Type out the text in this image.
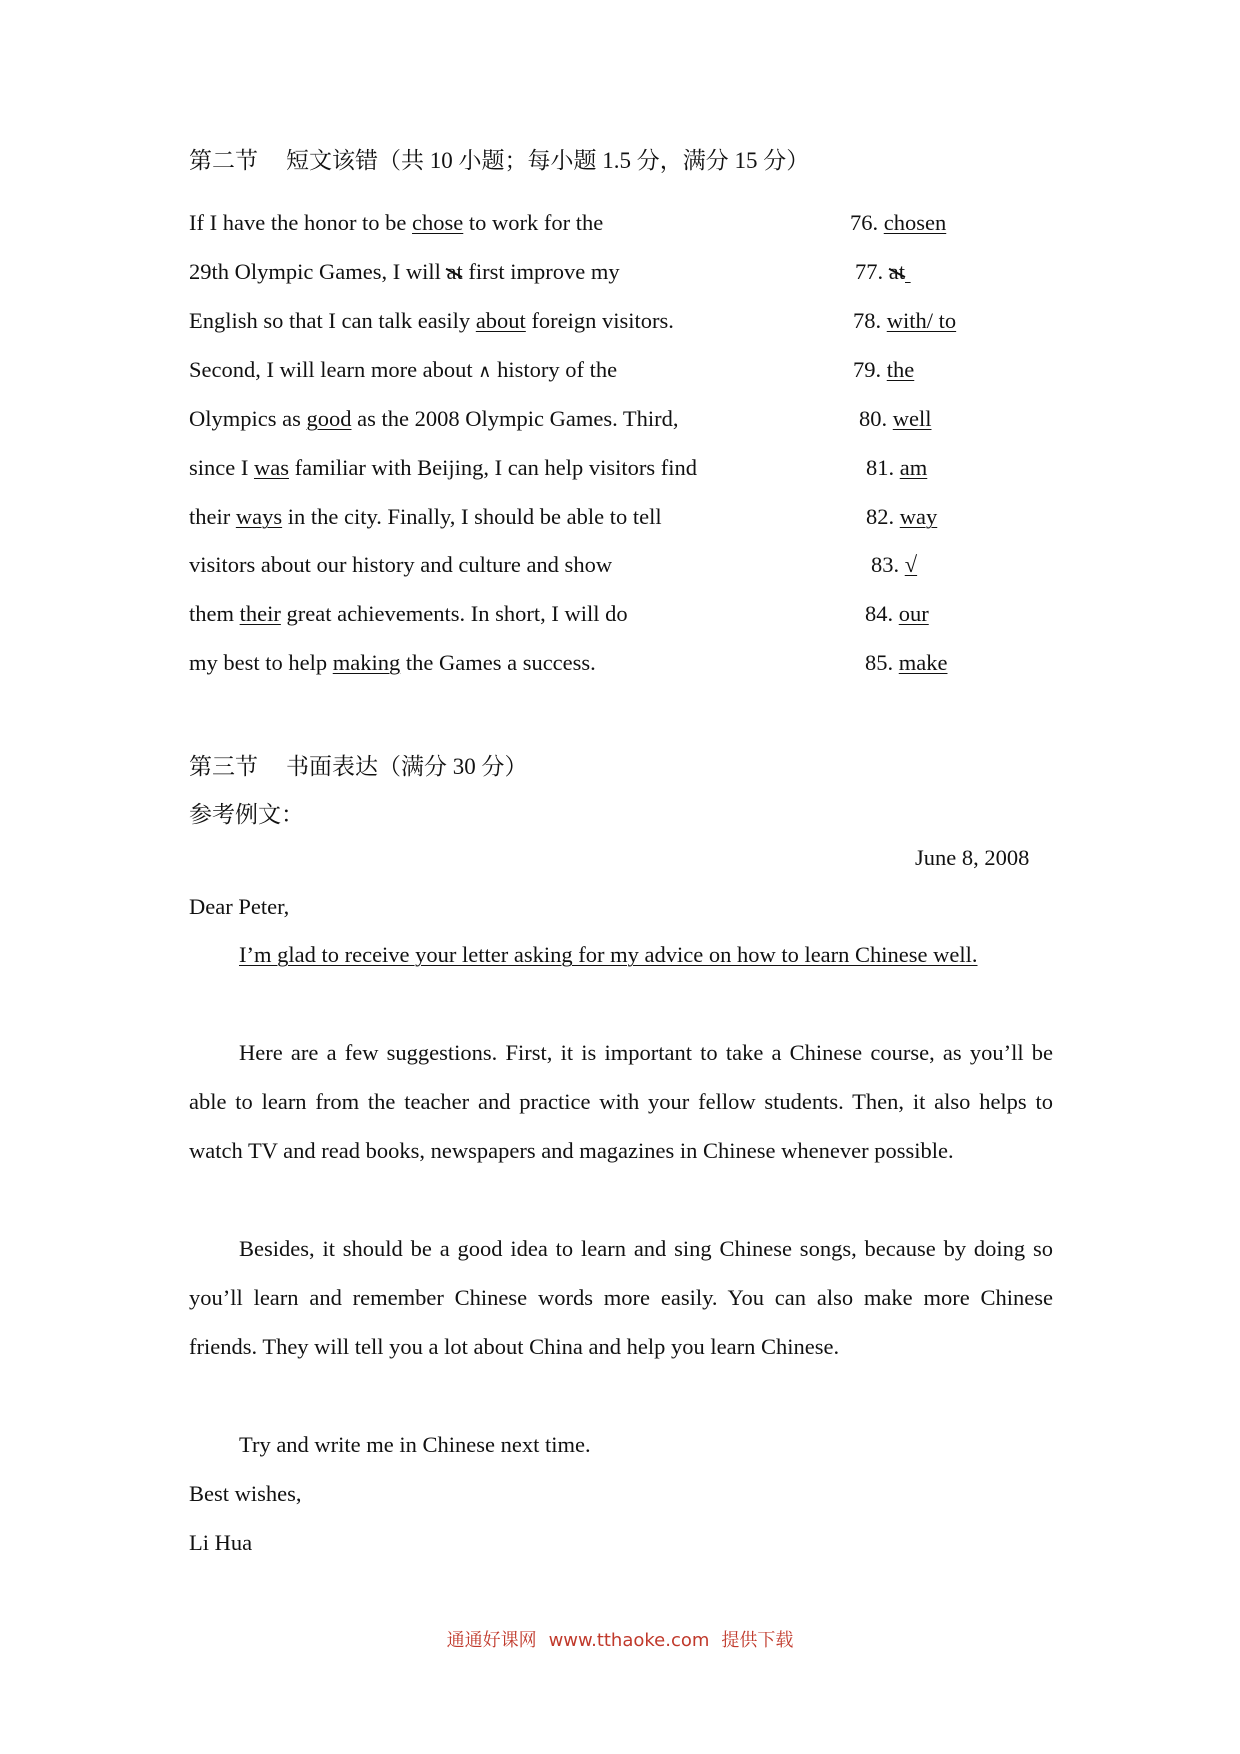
第二节 短文该错（共 10 小题；每小题 1.5 分，满分 15 分）
If I have the honor to be chose to work for the
29th Olympic Games, I will at first improve my
English so that I can talk easily about foreign visitors.
Second, I will learn more about ∧ history of the
Olympics as good as the 2008 Olympic Games. Third,
since I was familiar with Beijing, I can help visitors find
their ways in the city. Finally, I should be able to tell
visitors about our history and culture and show
them their great achievements. In short, I will do
my best to help making the Games a success.
76. chosen
77. at
78. with/ to
79. the
80. well
81. am
82. way
83. √
84. our
85. make
第三节 书面表达（满分 30 分）
参考例文：
June 8, 2008
Dear Peter,

I’m glad to receive your letter asking for my advice on how to learn Chinese well.

Here are a few suggestions. First, it is important to take a Chinese course, as you’ll be able to learn from the teacher and practice with your fellow students. Then, it also helps to watch TV and read books, newspapers and magazines in Chinese whenever possible.

Besides, it should be a good idea to learn and sing Chinese songs, because by doing so you’ll learn and remember Chinese words more easily. You can also make more Chinese friends. They will tell you a lot about China and help you learn Chinese.

Try and write me in Chinese next time.

Best wishes,

Li Hua

通通好课网 www.tthaoke.com 提供下载
